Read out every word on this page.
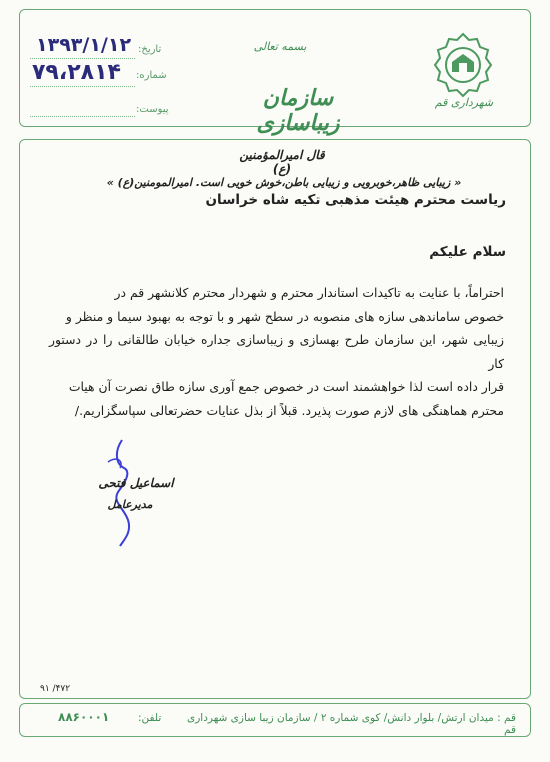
شهرداری قم
بسمه تعالی
سازمان زیباسازی
تاریخ:
۱۳۹۳/۱/۱۲
شماره:
۷۹،۲۸۱۴
پیوست:
قال امیرالمؤمنین (ع)
« زیبایی ظاهر،خوبرویی و زیبایی باطن،خوش خویی است. امیرالمومنین(ع) »
ریاست محترم هیئت مذهبی تکیه شاه خراسان
سلام علیکم

احتراماً، با عنایت به تاکیدات استاندار محترم و شهردار محترم کلانشهر قم در

خصوص ساماندهی سازه های منصوبه در سطح شهر و با توجه به بهبود سیما و منظر و

زیبایی شهر، این سازمان طرح بهسازی و زیباسازی جداره خیابان طالقانی را در دستور کار

قرار داده است لذا خواهشمند است در خصوص جمع آوری سازه طاق نصرت آن هیات

محترم هماهنگی های لازم صورت پذیرد. قبلاً از بذل عنایات حضرتعالی سپاسگزاریم./

اسماعیل فتحی
مدیرعامل
۴۷۲/ ۹۱
قم : میدان ارتش/ بلوار دانش/ کوی شماره ۲ / سازمان زیبا سازی شهرداری قم
تلفن:
۸۸۶۰۰۰۱
